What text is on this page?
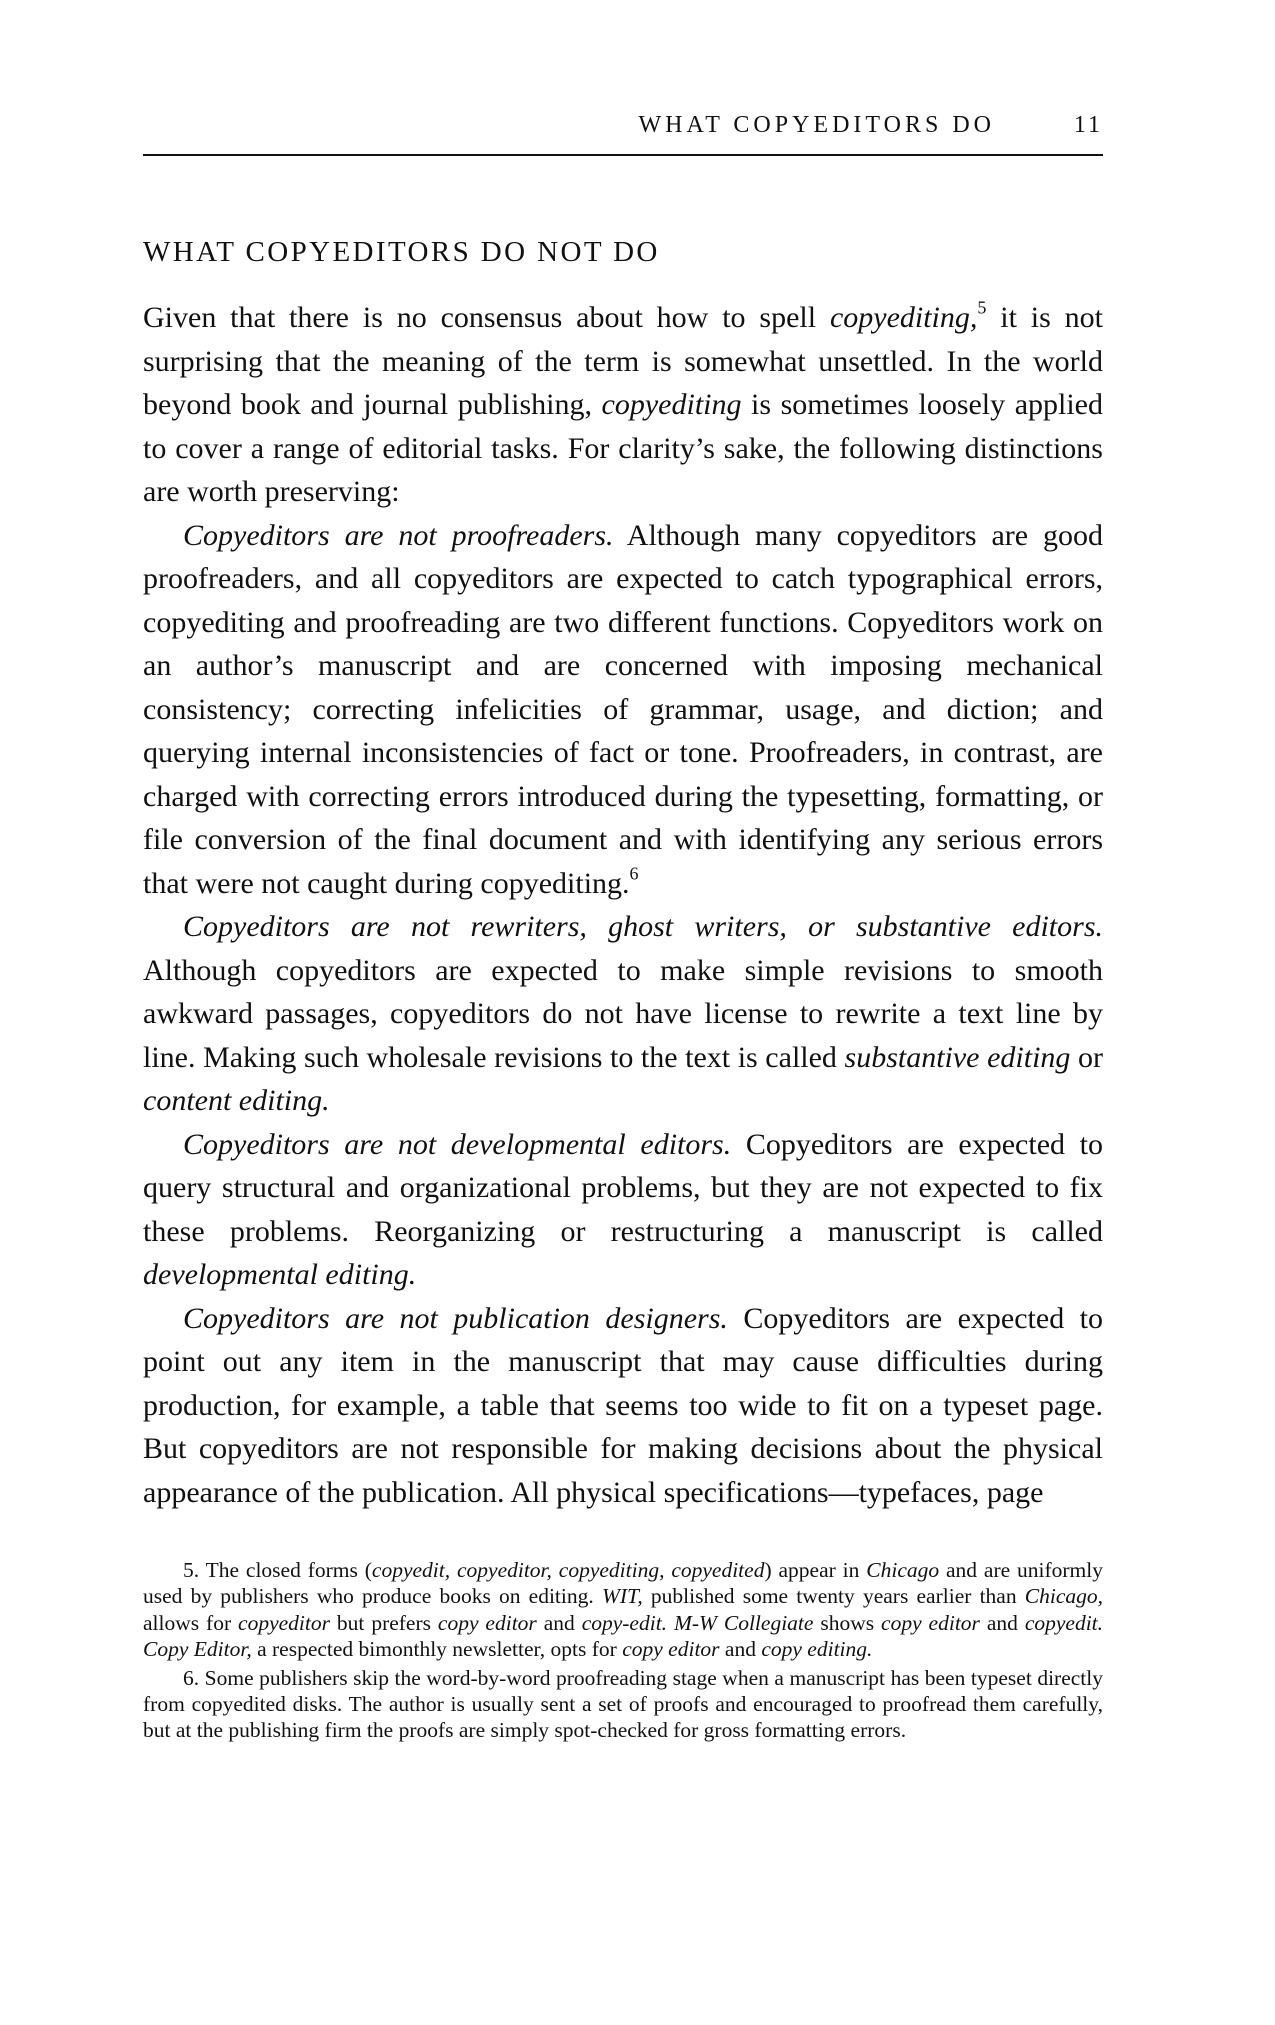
WHAT COPYEDITORS DO	11
WHAT COPYEDITORS DO NOT DO

Given that there is no consensus about how to spell copyediting,$^5$ it is not surprising that the meaning of the term is somewhat unsettled. In the world beyond book and journal publishing, copyediting is sometimes loosely applied to cover a range of editorial tasks. For clarity’s sake, the following distinctions are worth preserving:

Copyeditors are not proofreaders. Although many copyeditors are good proofreaders, and all copyeditors are expected to catch typographical errors, copyediting and proofreading are two different functions. Copyeditors work on an author’s manuscript and are concerned with imposing mechanical consistency; correcting infelicities of grammar, usage, and diction; and querying internal inconsistencies of fact or tone. Proofreaders, in contrast, are charged with correcting errors introduced during the typesetting, formatting, or file conversion of the final document and with identifying any serious errors that were not caught during copyediting.$^6$

Copyeditors are not rewriters, ghost writers, or substantive editors. Although copyeditors are expected to make simple revisions to smooth awkward passages, copyeditors do not have license to rewrite a text line by line. Making such wholesale revisions to the text is called substantive editing or content editing.

Copyeditors are not developmental editors. Copyeditors are expected to query structural and organizational problems, but they are not expected to fix these problems. Reorganizing or restructuring a manuscript is called developmental editing.

Copyeditors are not publication designers. Copyeditors are expected to point out any item in the manuscript that may cause difficulties during production, for example, a table that seems too wide to fit on a typeset page. But copyeditors are not responsible for making decisions about the physical appearance of the publication. All physical specifications—typefaces, page

5. The closed forms (copyedit, copyeditor, copyediting, copyedited) appear in Chicago and are uniformly used by publishers who produce books on editing. WIT, published some twenty years earlier than Chicago, allows for copyeditor but prefers copy editor and copy-edit. M-W Collegiate shows copy editor and copyedit. Copy Editor, a respected bimonthly newsletter, opts for copy editor and copy editing.

6. Some publishers skip the word-by-word proofreading stage when a manuscript has been typeset directly from copyedited disks. The author is usually sent a set of proofs and encouraged to proofread them carefully, but at the publishing firm the proofs are simply spot-checked for gross formatting errors.
